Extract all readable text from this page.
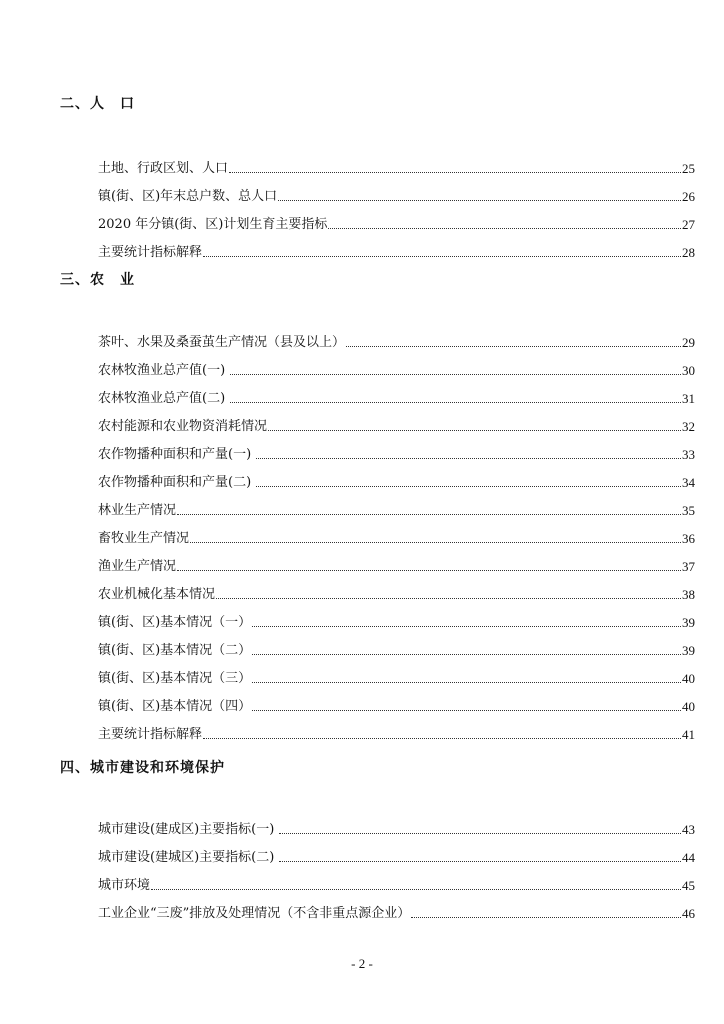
二、人　口
土地、行政区划、人口	25
镇(街、区)年末总户数、总人口	26
2020 年分镇(街、区)计划生育主要指标	27
主要统计指标解释	28
三、农　业
茶叶、水果及桑蚕茧生产情况（县及以上）	29
农林牧渔业总产值(一)	30
农林牧渔业总产值(二)	31
农村能源和农业物资消耗情况	32
农作物播种面积和产量(一)	33
农作物播种面积和产量(二)	34
林业生产情况	35
畜牧业生产情况	36
渔业生产情况	37
农业机械化基本情况	38
镇(街、区)基本情况（一）	39
镇(街、区)基本情况（二）	39
镇(街、区)基本情况（三）	40
镇(街、区)基本情况（四）	40
主要统计指标解释	41
四、城市建设和环境保护
城市建设(建成区)主要指标(一)	43
城市建设(建城区)主要指标(二)	44
城市环境	45
工业企业“三废”排放及处理情况（不含非重点源企业）	46
- 2 -
